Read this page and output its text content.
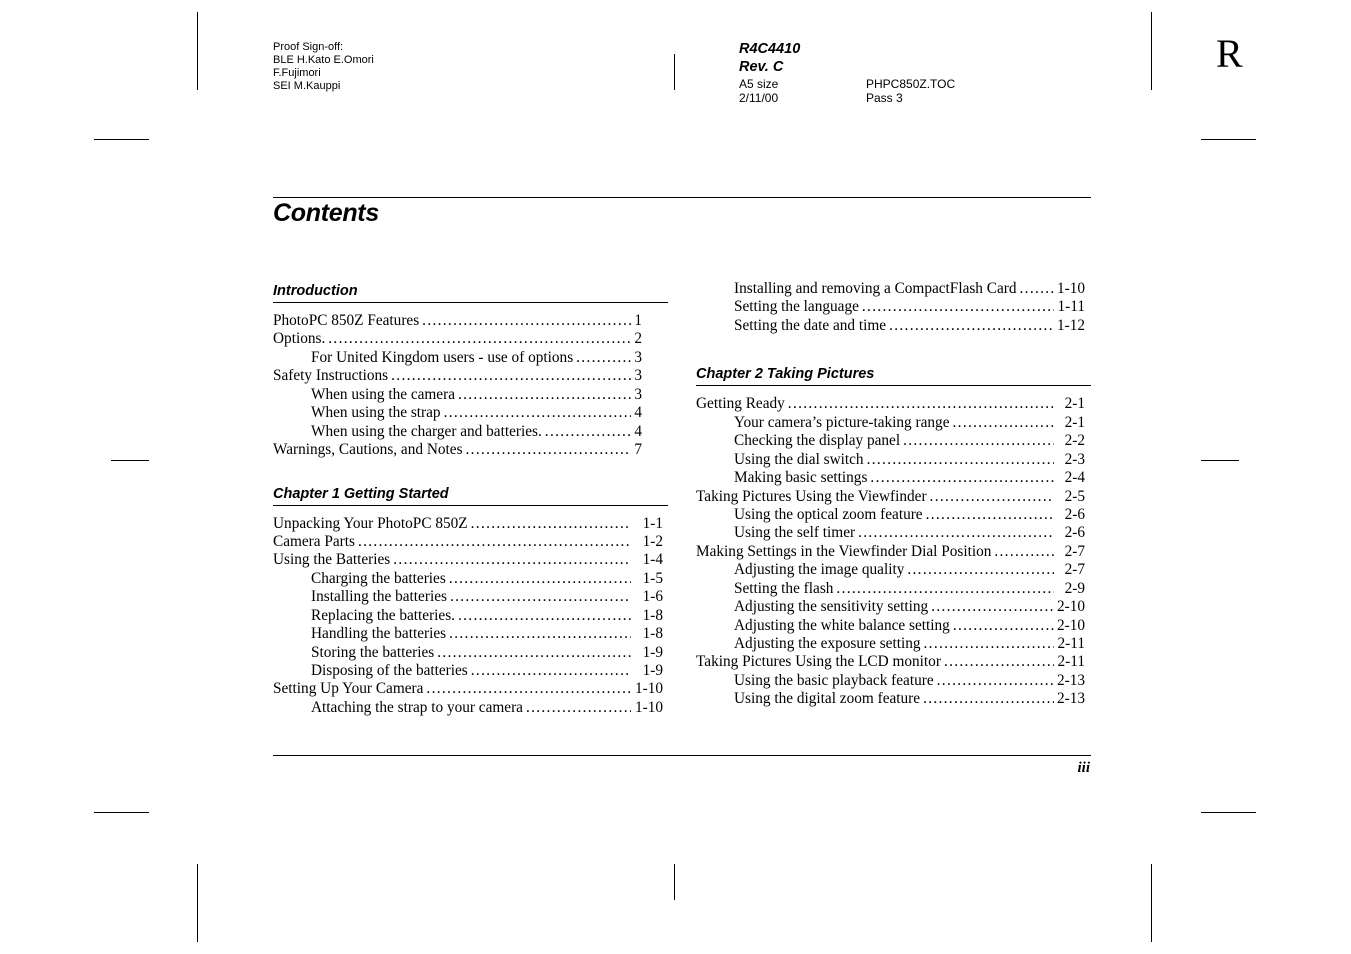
R
Proof Sign-off:
BLE H.Kato E.Omori
F.Fujimori
SEI M.Kauppi
R4C4410
Rev. C
A5 size	PHPC850Z.TOC
2/11/00	Pass 3
Contents
Introduction
PhotoPC 850Z Features . . .	1
Options. . . .	2
For United Kingdom users - use of options . . .	3
Safety Instructions . . .	3
When using the camera . . .	3
When using the strap . . .	4
When using the charger and batteries. . . .	4
Warnings, Cautions, and Notes . . .	7
Chapter 1 Getting Started
Unpacking Your PhotoPC 850Z . . .	1-1
Camera Parts . . .	1-2
Using the Batteries . . .	1-4
Charging the batteries . . .	1-5
Installing the batteries . . .	1-6
Replacing the batteries. . . .	1-8
Handling the batteries . . .	1-8
Storing the batteries . . .	1-9
Disposing of the batteries . . .	1-9
Setting Up Your Camera . . .	1-10
Attaching the strap to your camera . . .	1-10
Installing and removing a CompactFlash Card . . .	1-10
Setting the language . . .	1-11
Setting the date and time . . .	1-12
Chapter 2 Taking Pictures
Getting Ready . . .	2-1
Your camera’s picture-taking range . . .	2-1
Checking the display panel . . .	2-2
Using the dial switch . . .	2-3
Making basic settings . . .	2-4
Taking Pictures Using the Viewfinder . . .	2-5
Using the optical zoom feature . . .	2-6
Using the self timer . . .	2-6
Making Settings in the Viewfinder Dial Position . . .	2-7
Adjusting the image quality . . .	2-7
Setting the flash . . .	2-9
Adjusting the sensitivity setting . . .	2-10
Adjusting the white balance setting . . .	2-10
Adjusting the exposure setting . . .	2-11
Taking Pictures Using the LCD monitor . . .	2-11
Using the basic playback feature . . .	2-13
Using the digital zoom feature . . .	2-13
iii
